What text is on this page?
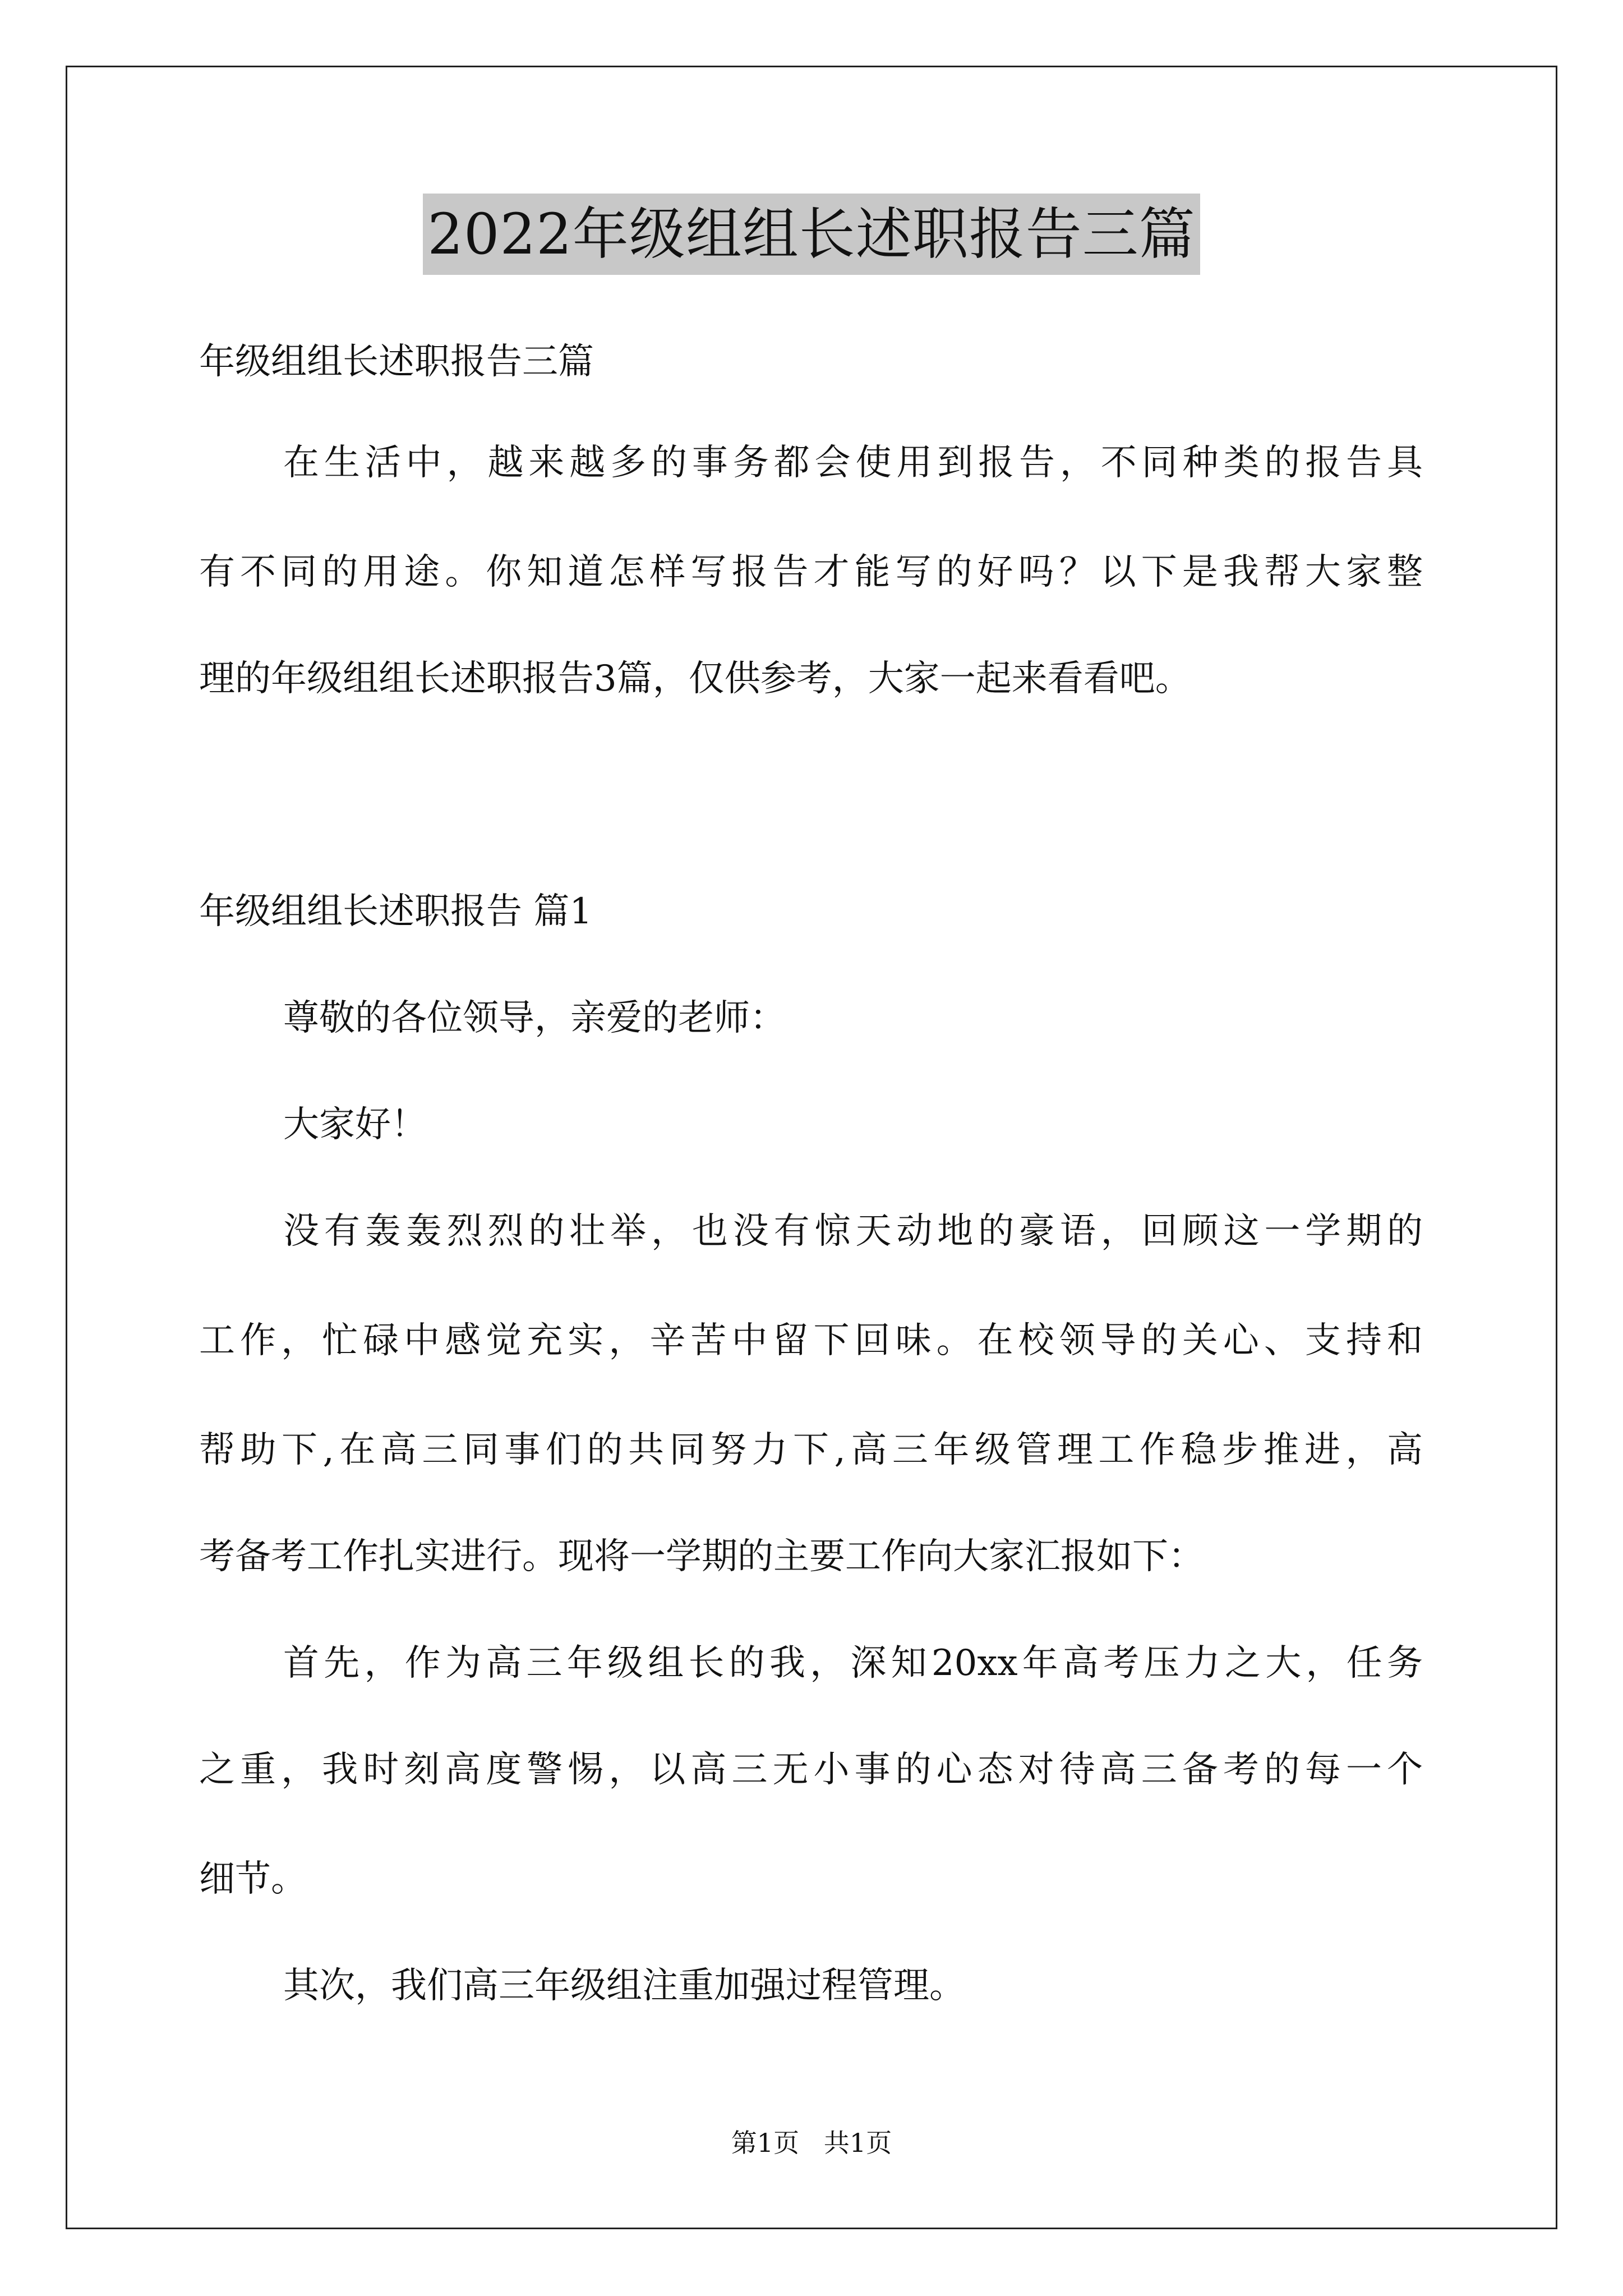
2022年级组组长述职报告三篇
年级组组长述职报告三篇
在生活中，越来越多的事务都会使用到报告，不同种类的报告具
有不同的用途。你知道怎样写报告才能写的好吗？以下是我帮大家整
理的年级组组长述职报告3篇，仅供参考，大家一起来看看吧。
年级组组长述职报告 篇1
尊敬的各位领导，亲爱的老师：
大家好！
没有轰轰烈烈的壮举，也没有惊天动地的豪语，回顾这一学期的
工作，忙碌中感觉充实，辛苦中留下回味。在校领导的关心、支持和
帮助下,在高三同事们的共同努力下,高三年级管理工作稳步推进，高
考备考工作扎实进行。现将一学期的主要工作向大家汇报如下：
首先，作为高三年级组长的我，深知20xx年高考压力之大，任务
之重，我时刻高度警惕，以高三无小事的心态对待高三备考的每一个
细节。
其次，我们高三年级组注重加强过程管理。
第1页   共1页
